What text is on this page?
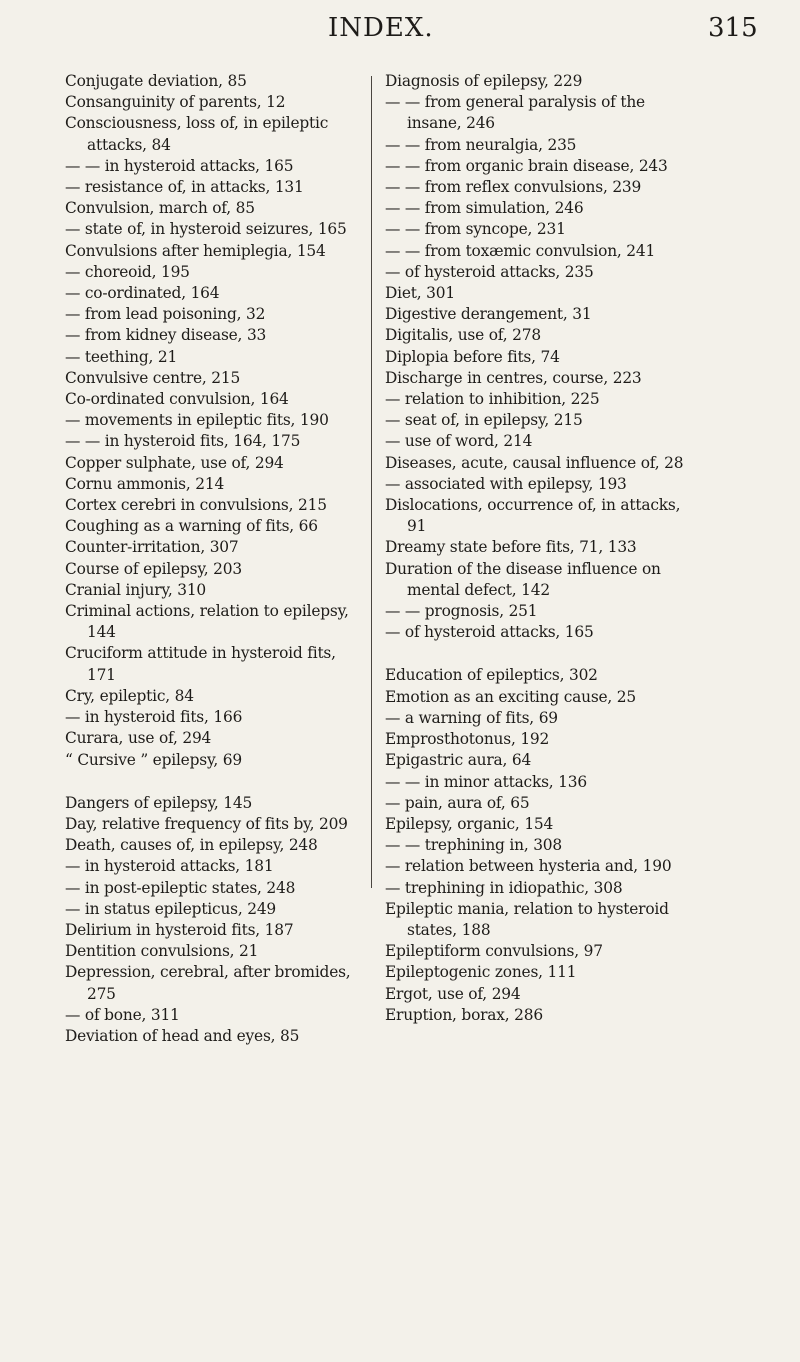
INDEX.	315

Conjugate deviation, 85

Consanguinity of parents, 12

Consciousness, loss of, in epileptic attacks, 84

— — in hysteroid attacks, 165

— resistance of, in attacks, 131

Convulsion, march of, 85

— state of, in hysteroid seizures, 165

Convulsions after hemiplegia, 154

— choreoid, 195

— co-ordinated, 164

— from lead poisoning, 32

— from kidney disease, 33

— teething, 21

Convulsive centre, 215

Co-ordinated convulsion, 164

— movements in epileptic fits, 190

— — in hysteroid fits, 164, 175

Copper sulphate, use of, 294

Cornu ammonis, 214

Cortex cerebri in convulsions, 215

Coughing as a warning of fits, 66

Counter-irritation, 307

Course of epilepsy, 203

Cranial injury, 310

Criminal actions, relation to epilepsy, 144

Cruciform attitude in hysteroid fits, 171

Cry, epileptic, 84

— in hysteroid fits, 166

Curara, use of, 294

“ Cursive ” epilepsy, 69

Dangers of epilepsy, 145

Day, relative frequency of fits by, 209

Death, causes of, in epilepsy, 248

— in hysteroid attacks, 181

— in post-epileptic states, 248

— in status epilepticus, 249

Delirium in hysteroid fits, 187

Dentition convulsions, 21

Depression, cerebral, after bromides, 275

— of bone, 311

Deviation of head and eyes, 85

Diagnosis of epilepsy, 229

— — from general paralysis of the insane, 246

— — from neuralgia, 235

— — from organic brain disease, 243

— — from reflex convulsions, 239

— — from simulation, 246

— — from syncope, 231

— — from toxæmic convulsion, 241

— of hysteroid attacks, 235

Diet, 301

Digestive derangement, 31

Digitalis, use of, 278

Diplopia before fits, 74

Discharge in centres, course, 223

— relation to inhibition, 225

— seat of, in epilepsy, 215

— use of word, 214

Diseases, acute, causal influence of, 28

— associated with epilepsy, 193

Dislocations, occurrence of, in attacks, 91

Dreamy state before fits, 71, 133

Duration of the disease influence on mental defect, 142

— — prognosis, 251

— of hysteroid attacks, 165

Education of epileptics, 302

Emotion as an exciting cause, 25

— a warning of fits, 69

Emprosthotonus, 192

Epigastric aura, 64

— — in minor attacks, 136

— pain, aura of, 65

Epilepsy, organic, 154

— — trephining in, 308

— relation between hysteria and, 190

— trephining in idiopathic, 308

Epileptic mania, relation to hysteroid states, 188

Epileptiform convulsions, 97

Epileptogenic zones, 111

Ergot, use of, 294

Eruption, borax, 286
